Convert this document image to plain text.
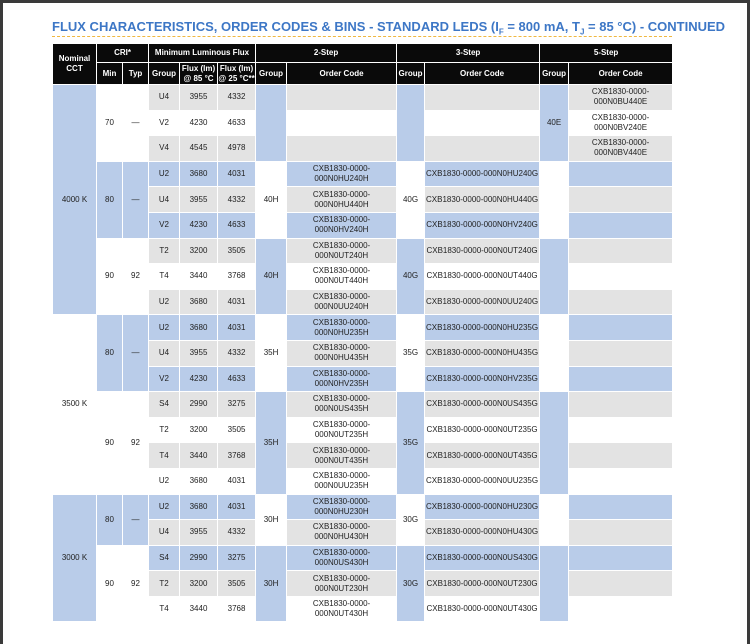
FLUX CHARACTERISTICS, ORDER CODES & BINS - STANDARD LEDS ($I_F = 800$ mA, $T_J = 85$ °C) - CONTINUED
Nominal CCT	CRI*		Minimum Luminous Flux			2-Step		3-Step		5-Step	
	Min	Typ	Group	Flux (lm) @ 85 °C	Flux (lm) @ 25 °C**	Group	Order Code	Group	Order Code	Group	Order Code
4000 K	70	—	U4	3955	4332					40E	CXB1830-0000-000N0BU440E
			V2	4230	4633						CXB1830-0000-000N0BV240E
			V4	4545	4978						CXB1830-0000-000N0BV440E
	80	—	U2	3680	4031	40H	CXB1830-0000-000N0HU240H	40G	CXB1830-0000-000N0HU240G		
			U4	3955	4332		CXB1830-0000-000N0HU440H		CXB1830-0000-000N0HU440G		
			V2	4230	4633		CXB1830-0000-000N0HV240H		CXB1830-0000-000N0HV240G		
	90	92	T2	3200	3505	40H	CXB1830-0000-000N0UT240H	40G	CXB1830-0000-000N0UT240G		
			T4	3440	3768		CXB1830-0000-000N0UT440H		CXB1830-0000-000N0UT440G		
			U2	3680	4031		CXB1830-0000-000N0UU240H		CXB1830-0000-000N0UU240G		
3500 K	80	—	U2	3680	4031	35H	CXB1830-0000-000N0HU235H	35G	CXB1830-0000-000N0HU235G		
			U4	3955	4332		CXB1830-0000-000N0HU435H		CXB1830-0000-000N0HU435G		
			V2	4230	4633		CXB1830-0000-000N0HV235H		CXB1830-0000-000N0HV235G		
	90	92	S4	2990	3275	35H	CXB1830-0000-000N0US435H	35G	CXB1830-0000-000N0US435G		
			T2	3200	3505		CXB1830-0000-000N0UT235H		CXB1830-0000-000N0UT235G		
			T4	3440	3768		CXB1830-0000-000N0UT435H		CXB1830-0000-000N0UT435G		
			U2	3680	4031		CXB1830-0000-000N0UU235H		CXB1830-0000-000N0UU235G		
3000 K	80	—	U2	3680	4031	30H	CXB1830-0000-000N0HU230H	30G	CXB1830-0000-000N0HU230G		
			U4	3955	4332		CXB1830-0000-000N0HU430H		CXB1830-0000-000N0HU430G		
	90	92	S4	2990	3275	30H	CXB1830-0000-000N0US430H	30G	CXB1830-0000-000N0US430G		
			T2	3200	3505		CXB1830-0000-000N0UT230H		CXB1830-0000-000N0UT230G		
			T4	3440	3768		CXB1830-0000-000N0UT430H		CXB1830-0000-000N0UT430G		
